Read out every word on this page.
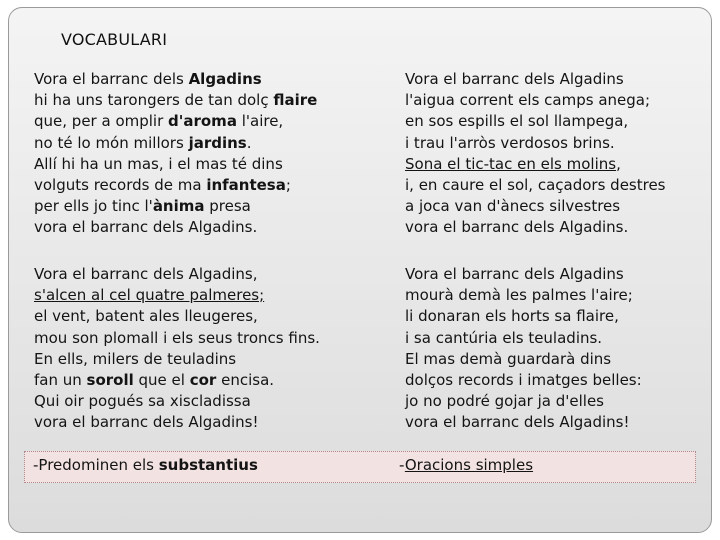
VOCABULARI
Vora el barranc dels Algadins
hi ha uns tarongers de tan dolç flaire
que, per a omplir d'aroma l'aire,
no té lo món millors jardins.
Allí hi ha un mas, i el mas té dins
volguts records de ma infantesa;
per ells jo tinc l'ànima presa
vora el barranc dels Algadins.
Vora el barranc dels Algadins
l'aigua corrent els camps anega;
en sos espills el sol llampega,
i trau l'arròs verdosos brins.
Sona el tic-tac en els molins,
i, en caure el sol, caçadors destres
a joca van d'ànecs silvestres
vora el barranc dels Algadins.
Vora el barranc dels Algadins,
s'alcen al cel quatre palmeres;
el vent, batent ales lleugeres,
mou son plomall i els seus troncs fins.
En ells, milers de teuladins
fan un soroll que el cor encisa.
Qui oir pogués sa xiscladissa
vora el barranc dels Algadins!
Vora el barranc dels Algadins
mourà demà les palmes l'aire;
li donaran els horts sa flaire,
i sa cantúria els teuladins.
El mas demà guardarà dins
dolços records i imatges belles:
jo no podré gojar ja d'elles
vora el barranc dels Algadins!
-Predominen els substantius	-Oracions simples
